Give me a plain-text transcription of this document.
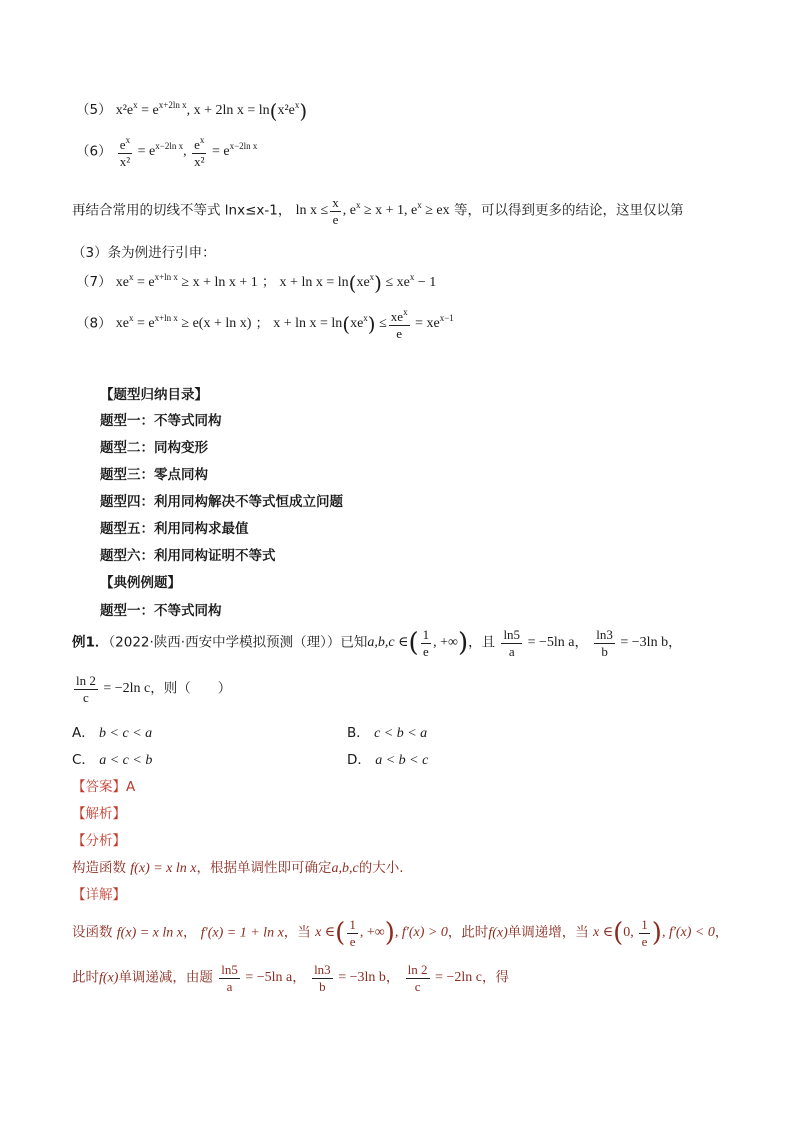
（5） $x^2e^x = e^{x+2ln x}$, x + 2ln $x = \ln(x^2e^x)$
$(6) \frac{e^x}{\text{x²}} = e^{x-2ln x}$, $\frac{e^x}{\text{x²}} = e^{x-2ln x}$
再结合常用的切线不等式 lnx≤x-1， $\ln x \le \frac{x}{e}$ , $e^x \ge x + 1$, $e^x$ ≥ ex 等，可以得到更多的结论，这里仅以第
（3）条为例进行引申：
（7） $xe^x = e^{x+ln x} \ge x + \ln x + 1$ ； $x + \ln x = \ln(xe^x) \le xe^x - 1$
（8） $xe^x = e^{x+ln x} \ge e(x + \ln x)$ ； $x + \ln x = \ln(xe^x) \le \frac{xe^x}{e} = xe^{x-1}$
【题型归纳目录】
题型一：不等式同构
题型二：同构变形
题型三：零点同构
题型四：利用同构解决不等式恒成立问题
题型五：利用同构求最值
题型六：利用同构证明不等式
【典例例题】
题型一：不等式同构
例1．（2022·陕西·西安中学模拟预测（理））已知a,b,c ∈( $\frac{1}{e}$ , +∞)，且 $\frac{\ln 5}{a} = -5\ln$ a， $\frac{\ln 3}{b} = -3\ln$ b，
$\frac{\ln 2}{c} = -2\ln$ c，则（　　）
A． b < c < a	B． c < b < a
C． a < c < b	D． a < b < c
【答案】A
【解析】
【分析】
构造函数 f(x) = x ln x，根据单调性即可确定a,b,c的大小.
【详解】
设函数 f(x) = x ln x， f′(x) = 1 + ln x，当 x ∈( $\frac{1}{e}$ , +∞), f′(x) > 0，此时f(x)单调递增，当 x ∈(0, $\frac{1}{e}$ ), f′(x) < 0，
此时f(x)单调递减，由题 $\frac{\ln 5}{a} = -5\ln$ a， $\frac{\ln 3}{b} = -3\ln$ b， $\frac{\ln 2}{c} = -2\ln$ c，得
